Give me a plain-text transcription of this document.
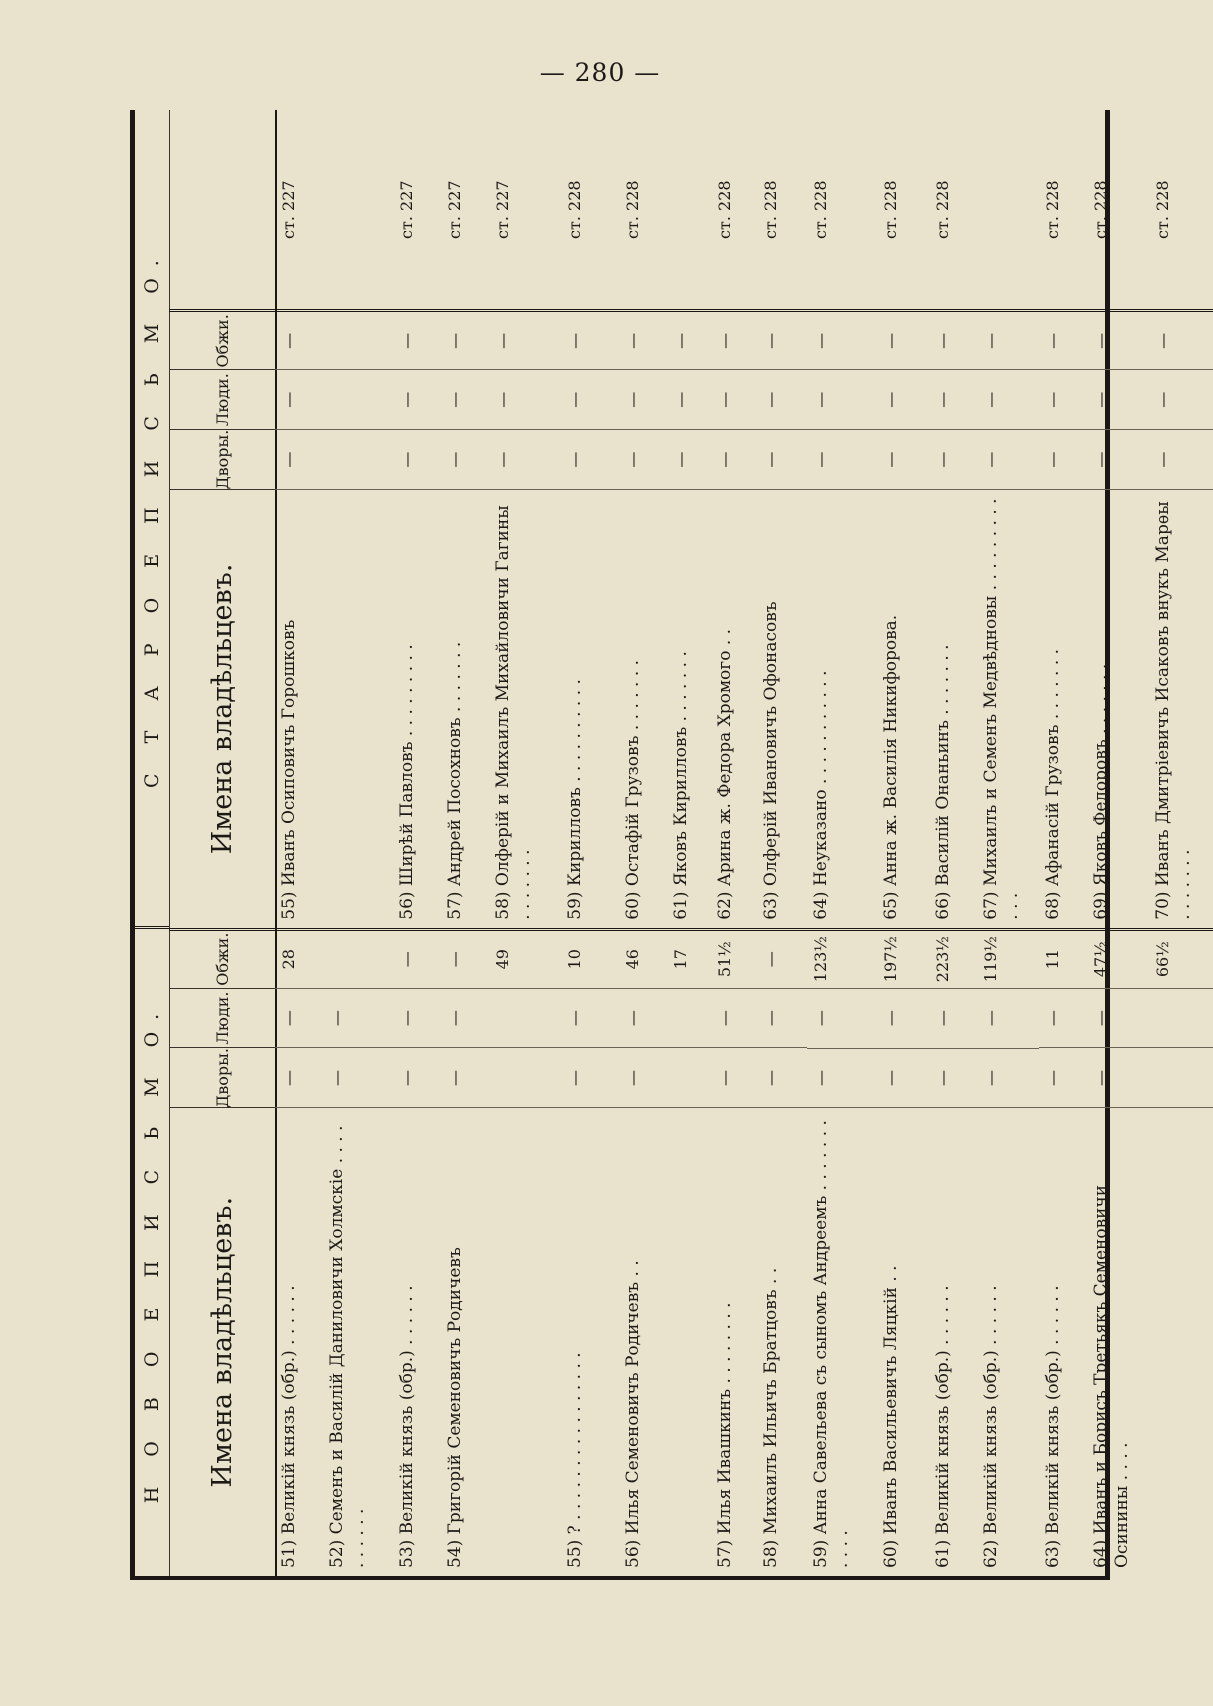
— 280 —
Н О В О Е П И С Ь М О.
С Т А Р О Е П И С Ь М О.
Имена владѣльцевъ.
Дворы.
Люди.
Обжи.
Имена владѣльцевъ.
Дворы.
Люди.
Обжи.
51) Великій князь (обр.) . . . . . .
—
—
28
55) Иванъ Осиповичъ Горошковъ
—
—
—
ст. 227
52) Семенъ и Василій Даниловичи Холмскіе . . . . . . . . . .
—
—
53) Великій князь (обр.) . . . . . .
—
—
—
56) Ширѣй Павловъ . . . . . . . . .
—
—
—
ст. 227
54) Григорій Семеновичъ Родичевъ
—
—
—
57) Андрей Посохновъ . . . . . . .
—
—
—
ст. 227
49
58) Олферій и Михаилъ Михайловичи Гагины . . . . . . .
—
—
—
ст. 227
55) ? . . . . . . . . . . . . . . . .
—
—
10
59) Кирилловъ . . . . . . . . . .
—
—
—
ст. 228
56) Илья Семеновичъ Родичевъ . .
—
—
46
60) Остафій Грузовъ . . . . . . .
—
—
—
ст. 228
17
61) Яковъ Кирилловъ . . . . . . .
—
—
—
57) Илья Ивашкинъ . . . . . . . .
—
—
51½
62) Арина ж. Федора Хромого . .
—
—
—
ст. 228
58) Михаилъ Ильичъ Братцовъ . .
—
—
—
63) Олферій Ивановичъ Офонасовъ
—
—
—
ст. 228
59) Анна Савельева съ сыномъ Андреемъ . . . . . . . . . . .
—
—
123½
64) Неуказано . . . . . . . . . . .
—
—
—
ст. 228
60) Иванъ Васильевичъ Ляцкій . .
—
—
197½
65) Анна ж. Василія Никифорова.
—
—
—
ст. 228
61) Великій князь (обр.) . . . . . .
—
—
223½
66) Василій Онаньинъ . . . . . . .
—
—
—
ст. 228
62) Великій князь (обр.) . . . . . .
—
—
119½
67) Михаилъ и Семенъ Медвѣдновы . . . . . . . . . . . .
—
—
—
63) Великій князь (обр.) . . . . . .
—
—
11
68) Афанасій Грузовъ . . . . . . .
—
—
—
ст. 228
64) Иванъ и Борисъ Третьякъ Семеновичи Осинины . . . .
—
—
47½
69) Яковъ Федоровъ . . . . . . .
—
—
—
ст. 228
66½
70) Иванъ Дмитріевичъ Исаковъ внукъ Марѳы . . . . . . .
—
—
—
ст. 228
